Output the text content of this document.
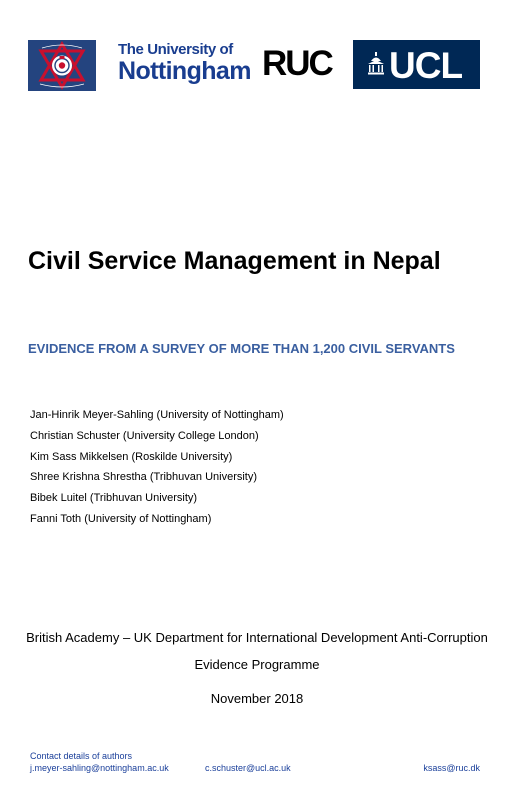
The University of
Nottingham RUC UCL
Civil Service Management in Nepal
EVIDENCE FROM A SURVEY OF MORE THAN 1,200 CIVIL SERVANTS
Jan-Hinrik Meyer-Sahling (University of Nottingham)
Christian Schuster (University College London)
Kim Sass Mikkelsen (Roskilde University)
Shree Krishna Shrestha (Tribhuvan University)
Bibek Luitel (Tribhuvan University)
Fanni Toth (University of Nottingham)

British Academy – UK Department for International Development Anti-Corruption Evidence Programme

November 2018

Contact details of authors
j.meyer-sahling@nottingham.ac.uk	c.schuster@ucl.ac.uk	ksass@ruc.dk
